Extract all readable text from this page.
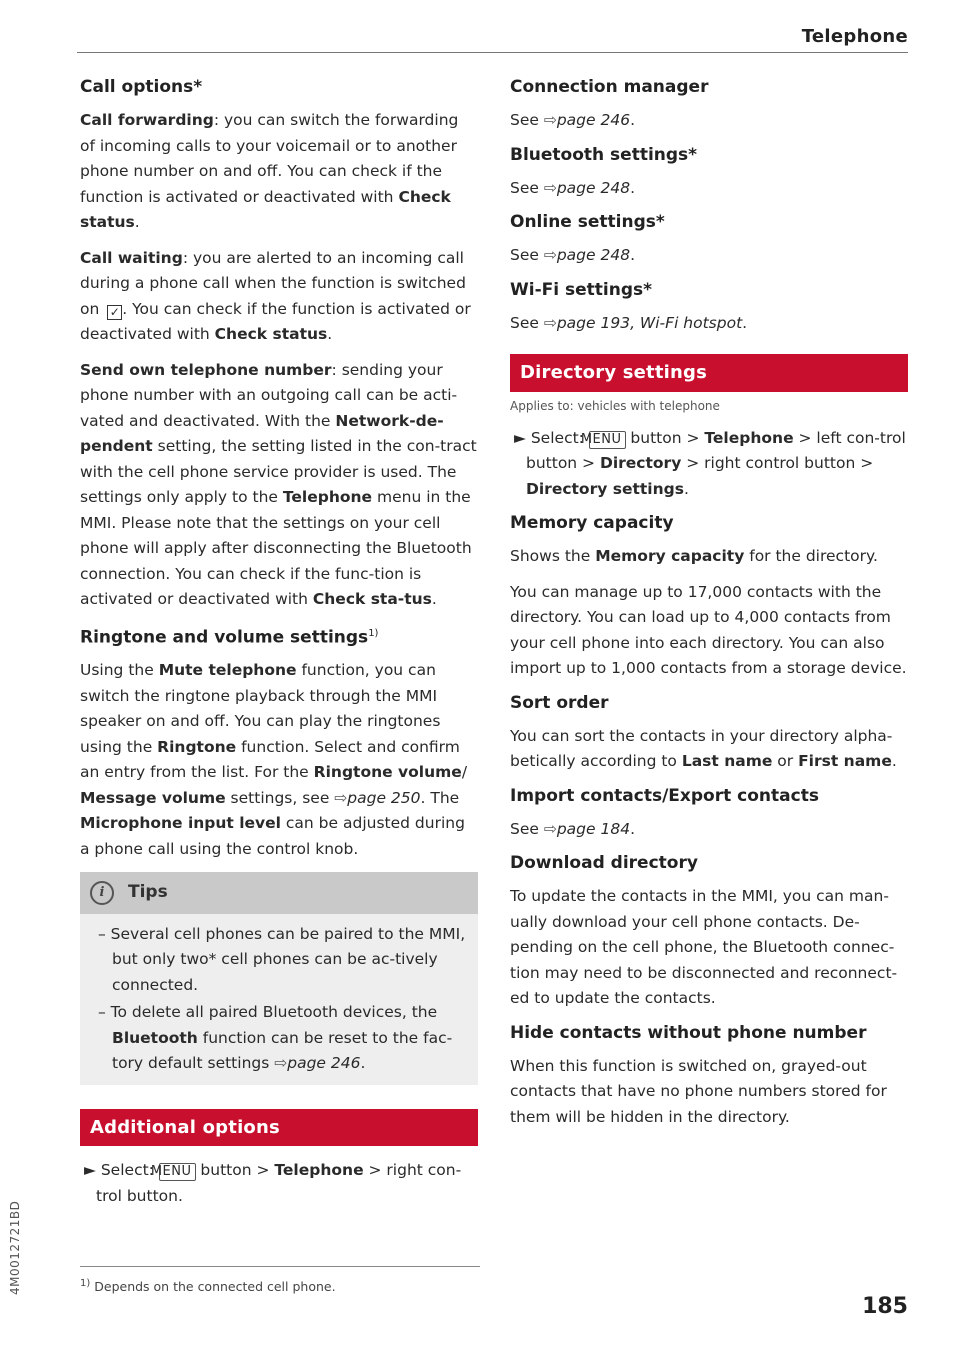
Telephone
Call options*

Call forwarding: you can switch the forwarding of incoming calls to your voicemail or to another phone number on and off. You can check if the function is activated or deactivated with Check status.

Call waiting: you are alerted to an incoming call during a phone call when the function is switched on ✓ . You can check if the function is activated or deactivated with Check status.

Send own telephone number: sending your phone number with an outgoing call can be acti-vated and deactivated. With the Network-de-pendent setting, the setting listed in the con-tract with the cell phone service provider is used. The settings only apply to the Telephone menu in the MMI. Please note that the settings on your cell phone will apply after disconnecting the Bluetooth connection. You can check if the func-tion is activated or deactivated with Check sta-tus.

Ringtone and volume settings$^{1)}$

Using the Mute telephone function, you can switch the ringtone playback through the MMI speaker on and off. You can play the ringtones using the Ringtone function. Select and confirm an entry from the list. For the Ringtone volume/ Message volume settings, see ⇨page 250. The Microphone input level can be adjusted during a phone call using the control knob.

i	Tips
– Several cell phones can be paired to the MMI, but only two* cell phones can be ac-tively connected.
– To delete all paired Bluetooth devices, the Bluetooth function can be reset to the fac-tory default settings ⇨page 246.
Additional options
► Select: MENU button > Telephone > right con-trol button.
Connection manager

See ⇨page 246.

Bluetooth settings*

See ⇨page 248.

Online settings*

See ⇨page 248.

Wi-Fi settings*

See ⇨page 193, Wi-Fi hotspot.

Directory settings
Applies to: vehicles with telephone
► Select: MENU button > Telephone > left con-trol button > Directory > right control button > Directory settings.
Memory capacity

Shows the Memory capacity for the directory.

You can manage up to 17,000 contacts with the directory. You can load up to 4,000 contacts from your cell phone into each directory. You can also import up to 1,000 contacts from a storage device.

Sort order

You can sort the contacts in your directory alpha-betically according to Last name or First name.

Import contacts/Export contacts

See ⇨page 184.

Download directory

To update the contacts in the MMI, you can man-ually download your cell phone contacts. De-pending on the cell phone, the Bluetooth connec-tion may need to be disconnected and reconnect-ed to update the contacts.

Hide contacts without phone number

When this function is switched on, grayed-out contacts that have no phone numbers stored for them will be hidden in the directory.

$^{1)}$ Depends on the connected cell phone.
4M0012721BD
185
